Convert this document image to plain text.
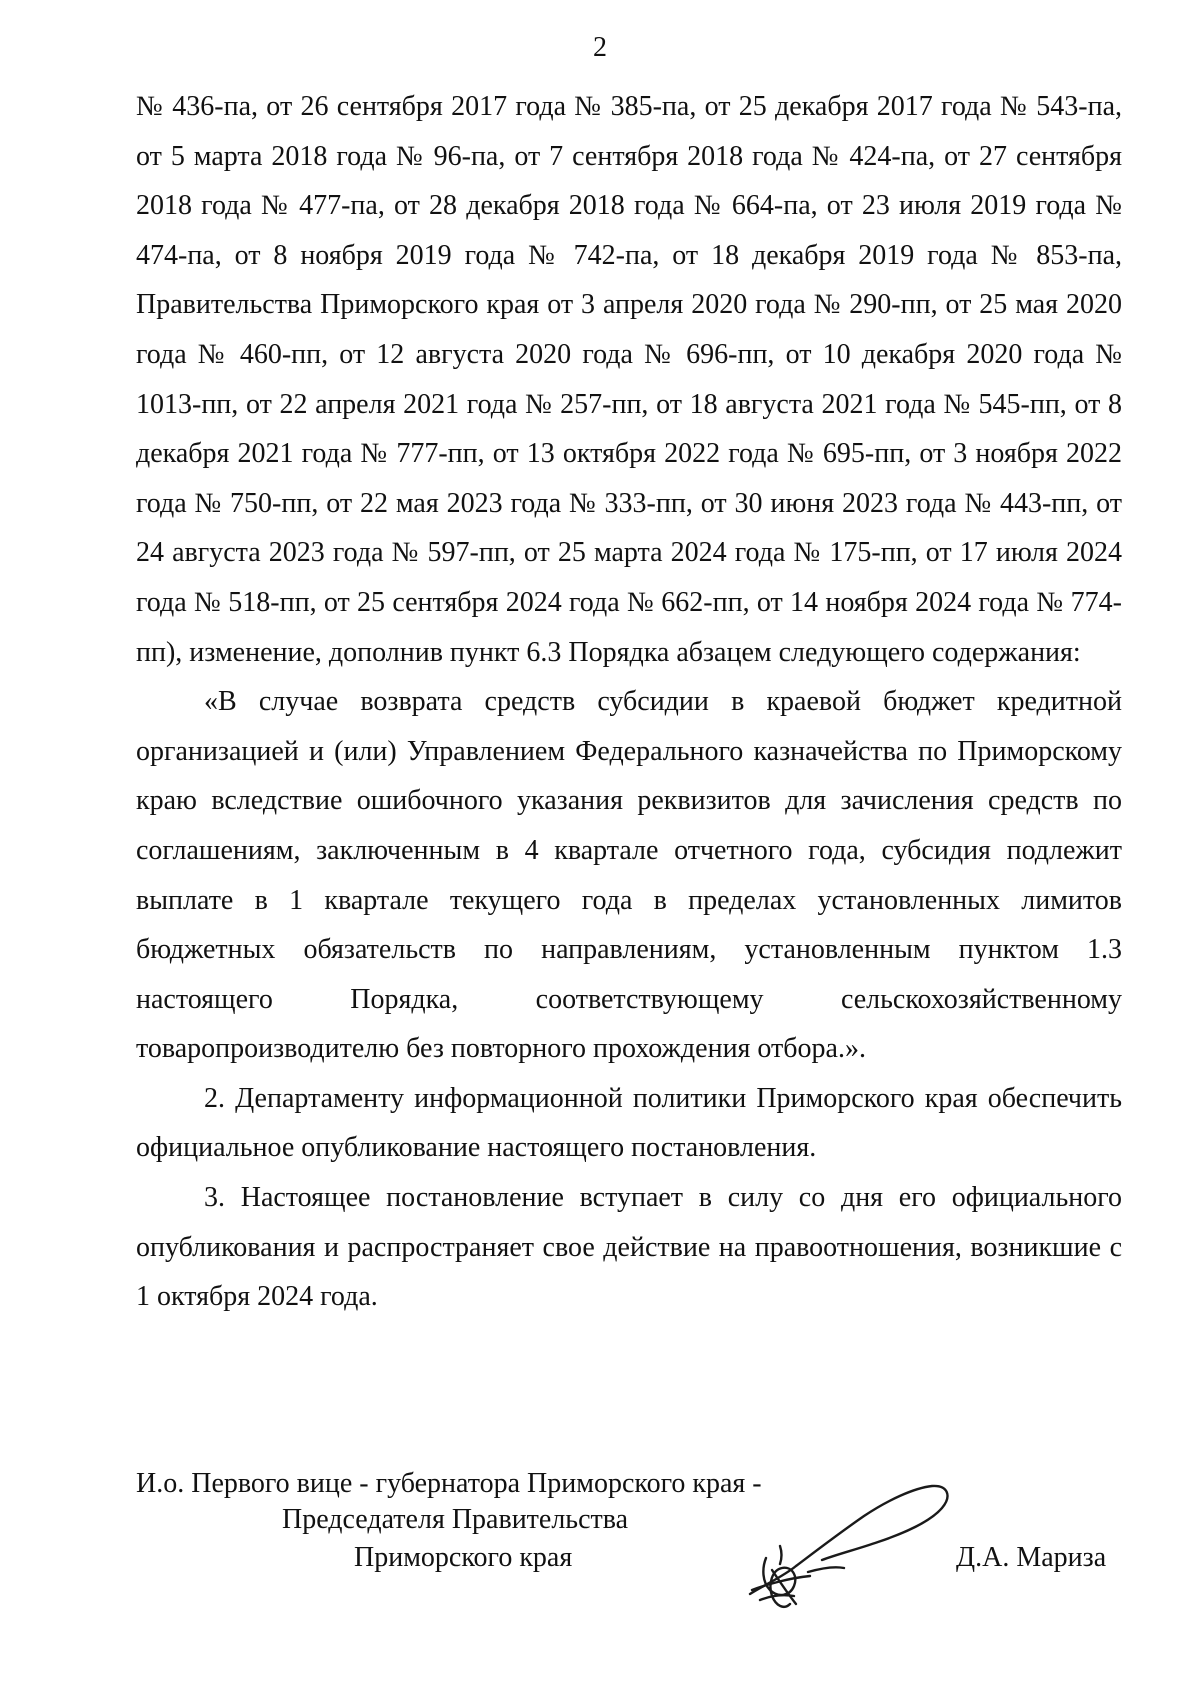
2

№ 436-па, от 26 сентября 2017 года № 385-па, от 25 декабря 2017 года № 543-па, от 5 марта 2018 года № 96-па, от 7 сентября 2018 года № 424-па, от 27 сентября 2018 года № 477-па, от 28 декабря 2018 года № 664-па, от 23 июля 2019 года № 474-па, от 8 ноября 2019 года № 742-па, от 18 декабря 2019 года № 853-па, Правительства Приморского края от 3 апреля 2020 года № 290-пп, от 25 мая 2020 года № 460-пп, от 12 августа 2020 года № 696-пп, от 10 декабря 2020 года № 1013-пп, от 22 апреля 2021 года № 257-пп, от 18 августа 2021 года № 545-пп, от 8 декабря 2021 года № 777-пп, от 13 октября 2022 года № 695-пп, от 3 ноября 2022 года № 750-пп, от 22 мая 2023 года № 333-пп, от 30 июня 2023 года № 443-пп, от 24 августа 2023 года № 597-пп, от 25 марта 2024 года № 175-пп, от 17 июля 2024 года № 518-пп, от 25 сентября 2024 года № 662-пп, от 14 ноября 2024 года № 774-пп), изменение, дополнив пункт 6.3 Порядка абзацем следующего содержания:

«В случае возврата средств субсидии в краевой бюджет кредитной организацией и (или) Управлением Федерального казначейства по Приморскому краю вследствие ошибочного указания реквизитов для зачисления средств по соглашениям, заключенным в 4 квартале отчетного года, субсидия подлежит выплате в 1 квартале текущего года в пределах установленных лимитов бюджетных обязательств по направлениям, установленным пунктом 1.3 настоящего Порядка, соответствующему сельскохозяйственному товаропроизводителю без повторного прохождения отбора.».

2. Департаменту информационной политики Приморского края обеспечить официальное опубликование настоящего постановления.

3. Настоящее постановление вступает в силу со дня его официального опубликования и распространяет свое действие на правоотношения, возникшие с 1 октября 2024 года.

И.о. Первого вице - губернатора Приморского края -
Председателя Правительства
Приморского края	Д.А. Мариза
